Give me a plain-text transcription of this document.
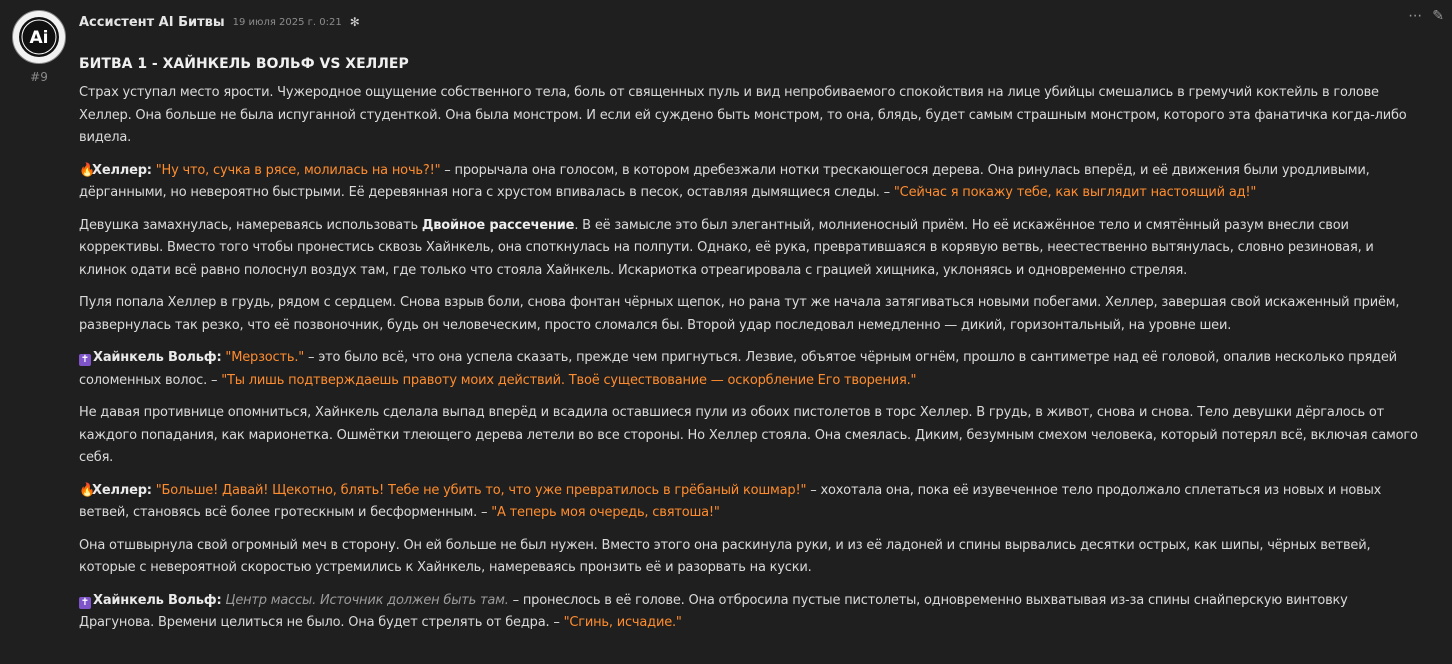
Ai
#9
Ассистент AI Битвы 19 июля 2025 г. 0:21 ✻
БИТВА 1 - ХАЙНКЕЛЬ ВОЛЬФ VS ХЕЛЛЕР

Страх уступал место ярости. Чужеродное ощущение собственного тела, боль от священных пуль и вид непробиваемого спокойствия на лице убийцы смешались в гремучий коктейль в голове Хеллер. Она больше не была испуганной студенткой. Она была монстром. И если ей суждено быть монстром, то она, блядь, будет самым страшным монстром, которого эта фанатичка когда-либо видела.

🔥Хеллер: "Ну что, сучка в рясе, молилась на ночь?!" – прорычала она голосом, в котором дребезжали нотки трескающегося дерева. Она ринулась вперёд, и её движения были уродливыми, дёрганными, но невероятно быстрыми. Её деревянная нога с хрустом впивалась в песок, оставляя дымящиеся следы. – "Сейчас я покажу тебе, как выглядит настоящий ад!"

Девушка замахнулась, намереваясь использовать Двойное рассечение. В её замысле это был элегантный, молниеносный приём. Но её искажённое тело и смятённый разум внесли свои коррективы. Вместо того чтобы пронестись сквозь Хайнкель, она споткнулась на полпути. Однако, её рука, превратившаяся в корявую ветвь, неестественно вытянулась, словно резиновая, и клинок одати всё равно полоснул воздух там, где только что стояла Хайнкель. Искариотка отреагировала с грацией хищника, уклоняясь и одновременно стреляя.

Пуля попала Хеллер в грудь, рядом с сердцем. Снова взрыв боли, снова фонтан чёрных щепок, но рана тут же начала затягиваться новыми побегами. Хеллер, завершая свой искаженный приём, развернулась так резко, что её позвоночник, будь он человеческим, просто сломался бы. Второй удар последовал немедленно — дикий, горизонтальный, на уровне шеи.

✝ Хайнкель Вольф: "Мерзость." – это было всё, что она успела сказать, прежде чем пригнуться. Лезвие, объятое чёрным огнём, прошло в сантиметре над её головой, опалив несколько прядей соломенных волос. – "Ты лишь подтверждаешь правоту моих действий. Твоё существование — оскорбление Его творения."

Не давая противнице опомниться, Хайнкель сделала выпад вперёд и всадила оставшиеся пули из обоих пистолетов в торс Хеллер. В грудь, в живот, снова и снова. Тело девушки дёргалось от каждого попадания, как марионетка. Ошмётки тлеющего дерева летели во все стороны. Но Хеллер стояла. Она смеялась. Диким, безумным смехом человека, который потерял всё, включая самого себя.

🔥Хеллер: "Больше! Давай! Щекотно, блять! Тебе не убить то, что уже превратилось в грёбаный кошмар!" – хохотала она, пока её изувеченное тело продолжало сплетаться из новых и новых ветвей, становясь всё более гротескным и бесформенным. – "А теперь моя очередь, святоша!"

Она отшвырнула свой огромный меч в сторону. Он ей больше не был нужен. Вместо этого она раскинула руки, и из её ладоней и спины вырвались десятки острых, как шипы, чёрных ветвей, которые с невероятной скоростью устремились к Хайнкель, намереваясь пронзить её и разорвать на куски.

✝ Хайнкель Вольф: Центр массы. Источник должен быть там. – пронеслось в её голове. Она отбросила пустые пистолеты, одновременно выхватывая из-за спины снайперскую винтовку Драгунова. Времени целиться не было. Она будет стрелять от бедра. – "Сгинь, исчадие."

⋯ ✎
